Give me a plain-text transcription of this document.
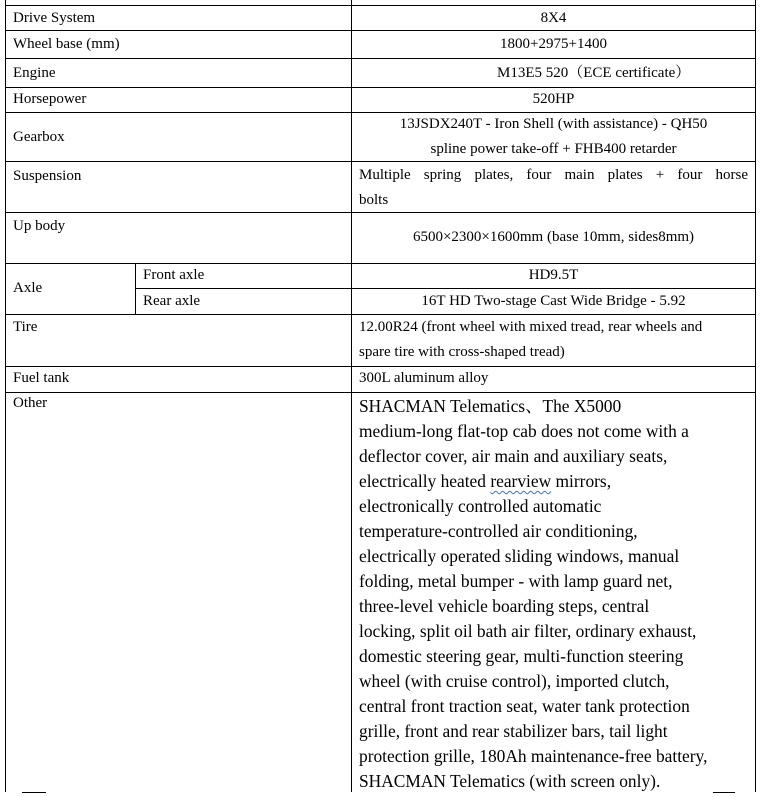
Drive System
Wheel base (mm)
Engine
Horsepower
Gearbox
Suspension
Up body
Axle
Front axle
Rear axle
Tire
Fuel tank
Other
8X4
1800+2975+1400
M13E5 520（ECE certificate）
520HP
13JSDX240T - Iron Shell (with assistance) - QH50
spline power take-off + FHB400 retarder
Multiple spring plates, four main plates + four horse
bolts
6500×2300×1600mm (base 10mm, sides8mm)
HD9.5T
16T HD Two-stage Cast Wide Bridge - 5.92
12.00R24 (front wheel with mixed tread, rear wheels and
spare tire with cross-shaped tread)
300L aluminum alloy
SHACMAN Telematics、The X5000
medium-long flat-top cab does not come with a
deflector cover, air main and auxiliary seats,
electrically heated rearview mirrors,
electronically controlled automatic
temperature-controlled air conditioning,
electrically operated sliding windows, manual
folding, metal bumper - with lamp guard net,
three-level vehicle boarding steps, central
locking, split oil bath air filter, ordinary exhaust,
domestic steering gear, multi-function steering
wheel (with cruise control), imported clutch,
central front traction seat, water tank protection
grille, front and rear stabilizer bars, tail light
protection grille, 180Ah maintenance-free battery,
SHACMAN Telematics (with screen only).
